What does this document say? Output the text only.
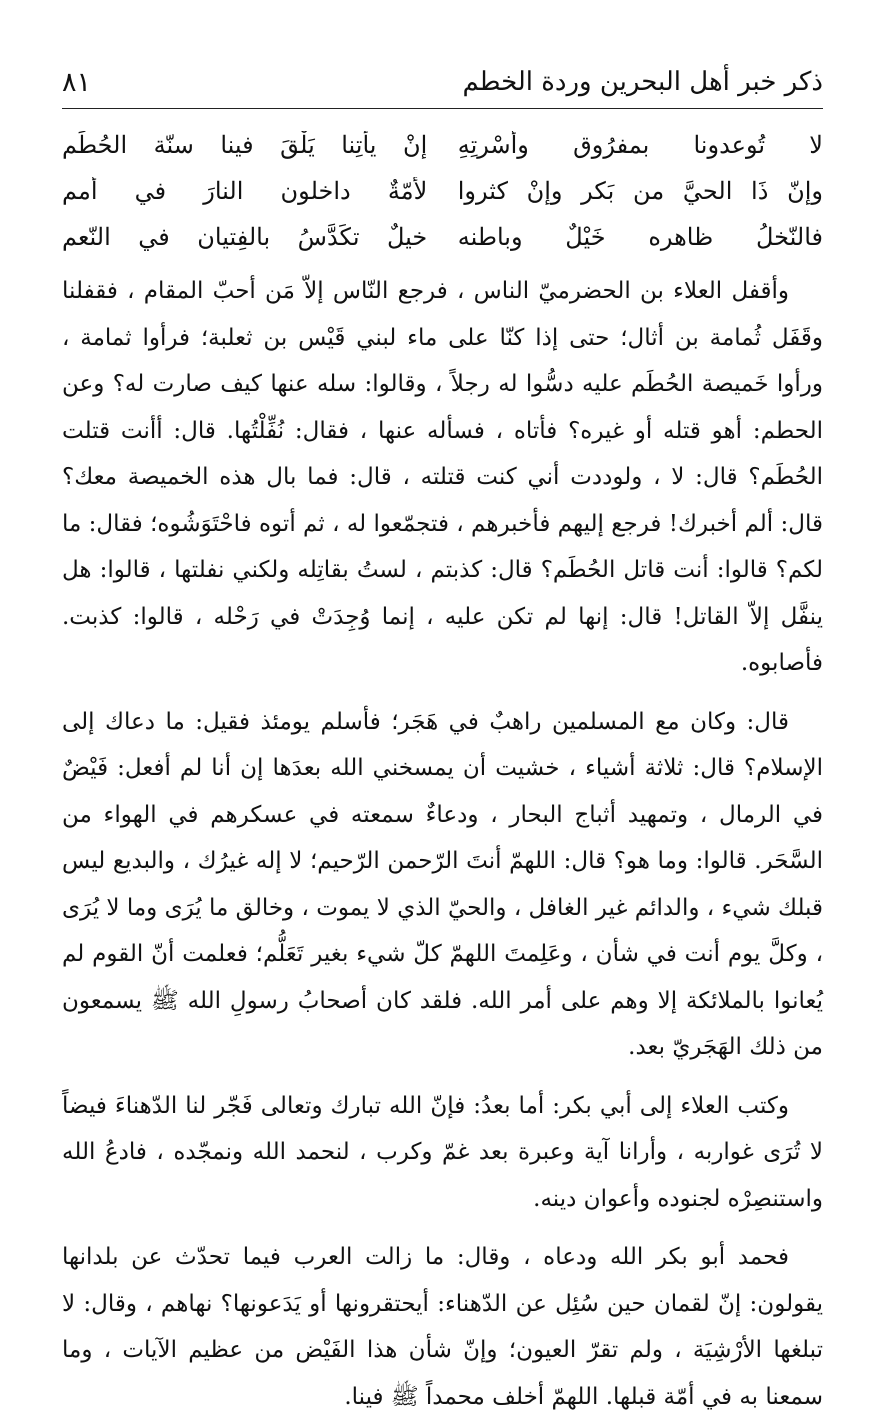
ذكر خبر أهل البحرين وردة الخطم
٨١
لا تُوعدونا بمفرُوق وأسْرتِهِ
إنْ يأتِنا يَلْقَ فينا سنّة الحُطَمِ
وإنّ ذَا الحيَّ من بَكرٍ وإنْ كثروا
لأُمّةٌ داخلون النارَ في أممِ
فالنّخلُ ظاهره خَيْلٌ وباطنه
خيلٌ تكَدَّسُ بالفِتيان في النّعمِ

وأقفل العلاء بن الحضرميّ الناس ، فرجع النّاس إلاّ مَن أحبّ المقام ، فقفلنا وقَفَل ثُمامة بن أثال؛ حتى إذا كنّا على ماء لبني قَيْس بن ثعلبة؛ فرأوا ثمامة ، ورأوا خَميصة الحُطَم عليه دسُّوا له رجلاً ، وقالوا: سله عنها كيف صارت له؟ وعن الحطم: أهو قتله أو غيره؟ فأتاه ، فسأله عنها ، فقال: نُفِّلْتُها. قال: أأنت قتلت الحُطَم؟ قال: لا ، ولوددت أني كنت قتلته ، قال: فما بال هذه الخميصة معك؟ قال: ألم أخبرك! فرجع إليهم فأخبرهم ، فتجمّعوا له ، ثم أتوه فاحْتَوَشُوه؛ فقال: ما لكم؟ قالوا: أنت قاتل الحُطَم؟ قال: كذبتم ، لستُ بقاتِله ولكني نفلتها ، قالوا: هل ينفَّل إلاّ القاتل! قال: إنها لم تكن عليه ، إنما وُجِدَتْ في رَحْله ، قالوا: كذبت. فأصابوه.

قال: وكان مع المسلمين راهبٌ في هَجَر؛ فأسلم يومئذ فقيل: ما دعاك إلى الإسلام؟ قال: ثلاثة أشياء ، خشيت أن يمسخني الله بعدَها إن أنا لم أفعل: فَيْضٌ في الرمال ، وتمهيد أثباج البحار ، ودعاءٌ سمعته في عسكرهم في الهواء من السَّحَر. قالوا: وما هو؟ قال: اللهمّ أنتَ الرّحمن الرّحيم؛ لا إله غيرُك ، والبديع ليس قبلك شيء ، والدائم غير الغافل ، والحيّ الذي لا يموت ، وخالق ما يُرَى وما لا يُرَى ، وكلَّ يوم أنت في شأن ، وعَلِمتَ اللهمّ كلّ شيء بغير تَعَلُّم؛ فعلمت أنّ القوم لم يُعانوا بالملائكة إلا وهم على أمر الله. فلقد كان أصحابُ رسولِ الله ﷺ يسمعون من ذلك الهَجَريّ بعد.

وكتب العلاء إلى أبي بكر: أما بعدُ: فإنّ الله تبارك وتعالى فَجّر لنا الدّهناءَ فيضاً لا تُرَى غواربه ، وأرانا آية وعبرة بعد غمّ وكرب ، لنحمد الله ونمجّده ، فادعُ الله واستنصِرْه لجنوده وأعوان دينه.

فحمد أبو بكر الله ودعاه ، وقال: ما زالت العرب فيما تحدّث عن بلدانها يقولون: إنّ لقمان حين سُئِل عن الدّهناء: أيحتقرونها أو يَدَعونها؟ نهاهم ، وقال: لا تبلغها الأرْشِيَة ، ولم تقرّ العيون؛ وإنّ شأن هذا الفَيْض من عظيم الآيات ، وما سمعنا به في أمّة قبلها. اللهمّ أخلف محمداً ﷺ فينا.
